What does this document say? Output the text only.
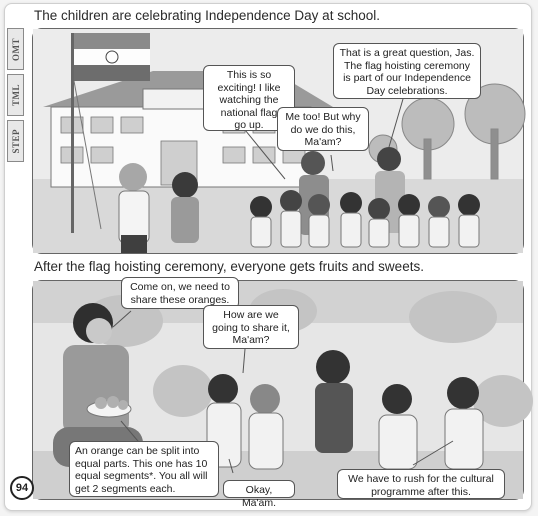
The children are celebrating Independence Day at school.
OMT
TML
STEP
This is so
exciting! I like
watching the
national flag
go up.
Me too! But why
do we do this,
Ma'am?
That is a great question, Jas.
The flag hoisting ceremony
is part of our Independence
Day celebrations.
After the flag hoisting ceremony, everyone gets fruits and sweets.
Come on, we need to
share these oranges.
How are we
going to share it,
Ma'am?
An orange can be split into
equal parts. This one has 10
equal segments*. You all will
get 2 segments each.	Okay, Ma'am.
We have to rush for the cultural
programme after this.
94
